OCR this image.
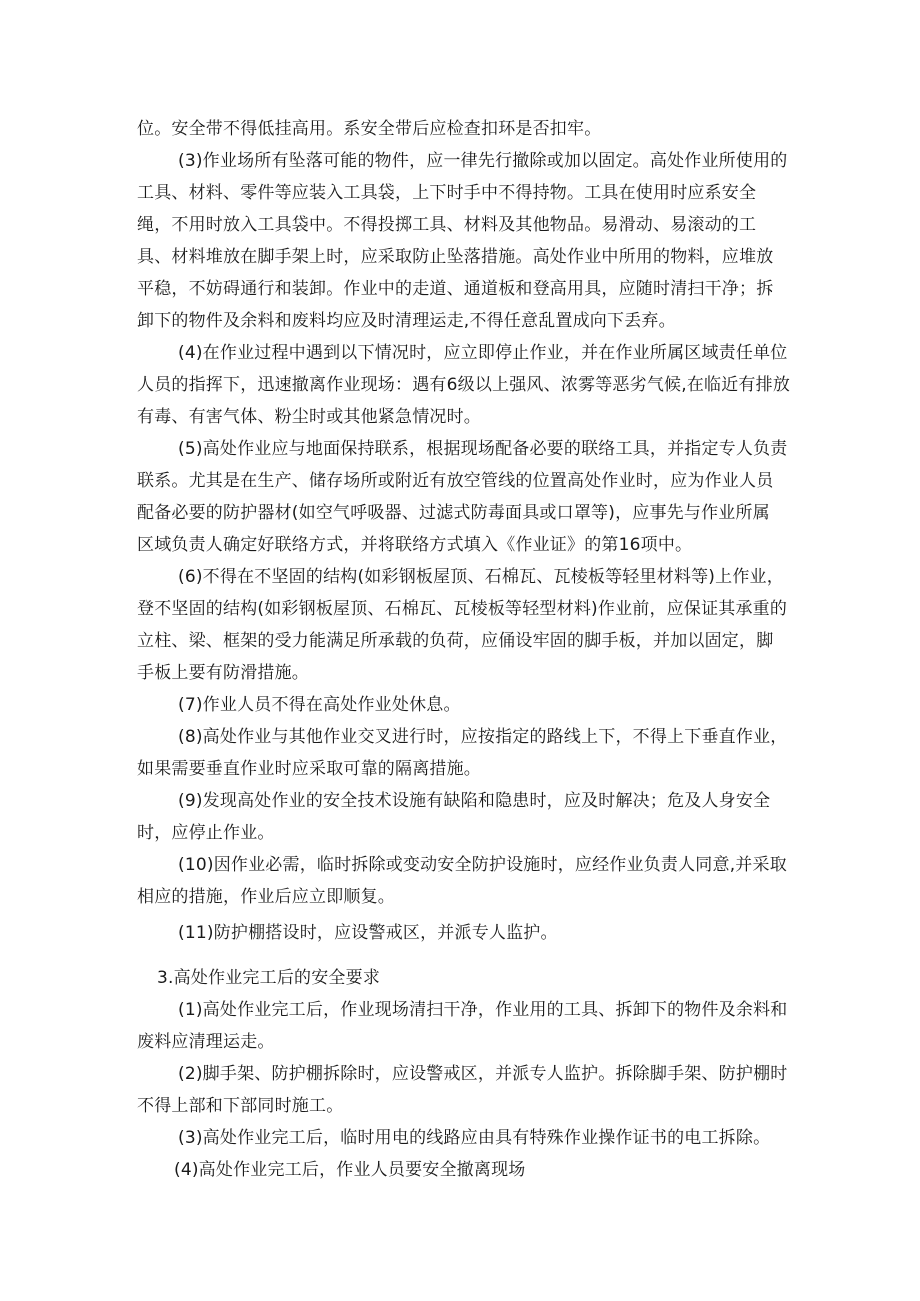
位。安全带不得低挂高用。系安全带后应检查扣环是否扣牢。
(3)作业场所有坠落可能的物件，应一律先行撤除或加以固定。高处作业所使用的
工具、材料、零件等应装入工具袋，上下时手中不得持物。工具在使用时应系安全
绳，不用时放入工具袋中。不得投掷工具、材料及其他物品。易滑动、易滚动的工
具、材料堆放在脚手架上时，应采取防止坠落措施。高处作业中所用的物料，应堆放
平稳，不妨碍通行和装卸。作业中的走道、通道板和登高用具，应随时清扫干净；拆
卸下的物件及余料和废料均应及时清理运走,不得任意乱置成向下丢弃。
(4)在作业过程中遇到以下情况时，应立即停止作业，并在作业所属区域责任单位
人员的指挥下，迅速撤离作业现场：遇有6级以上强风、浓雾等恶劣气候,在临近有排放
有毒、有害气体、粉尘时或其他紧急情况时。
(5)高处作业应与地面保持联系，根据现场配备必要的联络工具，并指定专人负责
联系。尤其是在生产、储存场所或附近有放空管线的位置高处作业时，应为作业人员
配备必要的防护器材(如空气呼吸器、过滤式防毒面具或口罩等)，应事先与作业所属
区域负责人确定好联络方式，并将联络方式填入《作业证》的第16项中。
(6)不得在不坚固的结构(如彩钢板屋顶、石棉瓦、瓦棱板等轻里材料等)上作业，
登不坚固的结构(如彩钢板屋顶、石棉瓦、瓦棱板等轻型材料)作业前，应保证其承重的
立柱、梁、框架的受力能满足所承载的负荷，应俑设牢固的脚手板，并加以固定，脚
手板上要有防滑措施。
(7)作业人员不得在高处作业处休息。
(8)高处作业与其他作业交叉进行时，应按指定的路线上下，不得上下垂直作业，
如果需要垂直作业时应采取可靠的隔离措施。
(9)发现高处作业的安全技术设施有缺陷和隐患时，应及时解决；危及人身安全
时，应停止作业。
(10)因作业必需，临时拆除或变动安全防护设施时，应经作业负责人同意,并采取
相应的措施，作业后应立即顺复。
(11)防护棚搭设时，应设警戒区，并派专人监护。
3.高处作业完工后的安全要求
(1)高处作业完工后，作业现场清扫干净，作业用的工具、拆卸下的物件及余料和
废料应清理运走。
(2)脚手架、防护棚拆除时，应设警戒区，并派专人监护。拆除脚手架、防护棚时
不得上部和下部同时施工。
(3)高处作业完工后，临时用电的线路应由具有特殊作业操作证书的电工拆除。
(4)高处作业完工后，作业人员要安全撤离现场
